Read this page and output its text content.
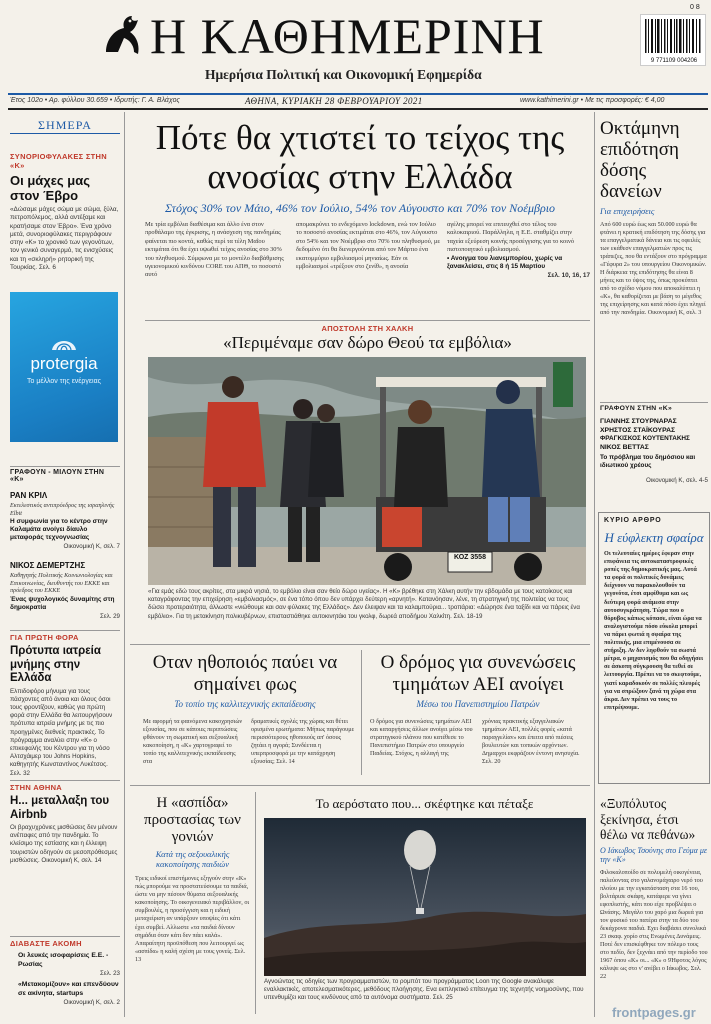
Η ΚΑΘΗΜΕΡΙΝΗ
Ημερήσια Πολιτική και Οικονομική Εφημερίδα
9 771109 004206
0 8
Έτος 102ο • Αρ. φύλλου 30.659 • Ιδρυτής: Γ. Α. Βλάχος	ΑΘΗΝΑ, ΚΥΡΙΑΚΗ 28 ΦΕΒΡΟΥΑΡΙΟΥ 2021	www.kathimerini.gr • Με τις προσφορές: € 4,00
ΣΗΜΕΡΑ
ΣΥΝΟΡΙΟΦΥΛΑΚΕΣ ΣΤΗΝ «Κ»
Οι μάχες μας στον Έβρο
«Δώσαμε μάχες σώμα με σώμα, ξύλα, πετροπόλεμος, αλλά αντέξαμε και κρατήσαμε στον Έβρο». Ένα χρόνο μετά, συνοριοφύλακες περιγράφουν στην «Κ» το χρονικό των γεγονότων, τον γενικό συναγερμό, τις ενισχύσεις και τη «σκληρή» ρητορική της Τουρκίας. Σελ. 6
protergia
Το μέλλον της ενέργειας
ΓΡΑΦΟΥΝ - ΜΙΛΟΥΝ ΣΤΗΝ «Κ»
ΡΑΝ ΚΡΙΛ
Εκτελεστικός αντιπρόεδρος της ισραηλινής Elbit
Η συμφωνία για το κέντρο στην Καλαμάτα ανοίγει δίαυλο μεταφοράς τεχνογνωσίας
Οικονομική Κ, σελ. 7
ΝΙΚΟΣ ΔΕΜΕΡΤΖΗΣ
Καθηγητής Πολιτικής Κοινωνιολογίας και Επικοινωνίας, διευθυντής του ΕΚΚΕ και πρόεδρος του ΕΚΚΕ
Ένας ψυχολογικός δυναμίτης στη δημοκρατία
Σελ. 29
ΓΙΑ ΠΡΩΤΗ ΦΟΡΑ
Πρότυπα ιατρεία μνήμης στην Ελλάδα
Ελπιδοφόρο μήνυμα για τους πάσχοντες από άνοια και όλους όσοι τους φροντίζουν, καθώς για πρώτη φορά στην Ελλάδα θα λειτουργήσουν πρότυπα ιατρεία μνήμης με τις πιο προηγμένες διεθνείς πρακτικές. Το πρόγραμμα αναλύει στην «Κ» ο επικεφαλής του Κέντρου για τη νόσο Αλτσχάιμερ του Johns Hopkins, καθηγητής Κωνσταντίνος Λυκέτσος. Σελ. 32
ΣΤΗΝ ΑΘΗΝΑ
Η... μεταλλαξη του Airbnb
Οι βραχυχρόνιες μισθώσεις δεν μένουν ανέπαφες από την πανδημία. Το κλείσιμο της εστίασης και η έλλειψη τουριστών οδηγούν σε μεσοπρόθεσμες μισθώσεις. Οικονομική Κ, σελ. 14
ΔΙΑΒΑΣΤΕ ΑΚΟΜΗ
Οι λευκές ισοφαρίσεις Ε.Ε. - Ρωσίας
Σελ. 23
«Μετακομίζουν» και επενδύουν σε ακίνητα, startups
Οικονομική Κ, σελ. 2
Πότε θα χτιστεί το τείχος της ανοσίας στην Ελλάδα
Στόχος 30% τον Μάιο, 46% τον Ιούλιο, 54% τον Αύγουστο και 70% τον Νοέμβριο
Με τρία εμβόλια διαθέσιμα και άλλο ένα στον προθάλαμο της έγκρισης, η ανάσχεση της πανδημίας φαίνεται πιο κοντά, καθώς περί τα τέλη Μαΐου εκτιμάται ότι θα έχει υψωθεί τείχος ανοσίας στο 30% του πληθυσμού. Σύμφωνα με το μοντέλο διαβάθμισης υγειονομικού κινδύνου CORE του ΑΠΘ, το ποσοστό αυτό
απομακρύνει το ενδεχόμενο lockdown, ενώ τον Ιούλιο το ποσοστό ανοσίας εκτιμάται στο 46%, τον Αύγουστο στο 54% και τον Νοέμβριο στο 70% του πληθυσμού, με δεδομένο ότι θα διενεργούνται από τον Μάρτιο ένα εκατομμύριο εμβολιασμοί μηνιαίως. Εάν οι εμβολιασμοί «τρέξουν στο ζενίθ», η ανοσία
αγέλης μπορεί να επιτευχθεί στο τέλος του καλοκαιριού. Παράλληλα, η Ε.Ε. σταθμίζει στην ταχεία εξεύρεση κοινής προσέγγισης για το κοινό πιστοποιητικό εμβολιασμού.
• Ανοιγμα του λιανεμπορίου, χωρίς να ξανακλείσει, στις 8 ή 15 Μαρτίου
Σελ. 10, 16, 17
ΑΠΟΣΤΟΛΗ ΣΤΗ ΧΑΛΚΗ
«Περιμέναμε σαν δώρο Θεού τα εμβόλια»
ΚΟΖ 3558
«Για εμάς εδώ τους ακρίτες, στα μικρά νησιά, το εμβόλιο είναι σαν θείο δώρο υγείας». Η «Κ» βρέθηκε στη Χάλκη αυτήν την εβδομάδα με τους κατοίκους και καταγράφοντας την επιχείρηση «εμβολιασμός», σε ένα τόπο όπου δεν υπάρχει δεύτερη «αρνητή». Κατανόησαν, λένε, τη στρατηγική της πολιτείας να τους δώσει προτεραιότητα, άλλωστε «νιώθουμε και σαν φύλακες της Ελλάδας». Δεν έλειψαν και τα καλαμπούρια... τροπάρια: «Δώρησε ένα ταξίδι και να πάρεις ένα εμβόλιο». Για τη μετακίνηση πολικυβέρνων, επισταστιάθηκε αυτοκινητάκι του γκολφ, δωρεά αποδήμου Χαλκίτη. Σελ. 18-19
Οταν ηθοποιός παύει να σημαίνει φως
Το τοπίο της καλλιτεχνικής εκπαίδευσης
Με αφορμή τα φαινόμενα κακοχρησιών εξουσίας, που σε κάποιες περιπτώσεις φθάνουν τη σωματική και σεξουαλική κακοποίηση, η «Κ» χαρτογραφεί το τοπίο της καλλιτεχνικής εκπαίδευσης στα
δραματικές σχολές της χώρας και θέτει ορισμένα ερωτήματα: Μήπως παράγουμε περισσότερους ηθοποιούς απ' όσους ζητάει η αγορά; Συνδέεται η υπερπροσφορά με την κατάχρηση εξουσίας; Σελ. 14
Ο δρόμος για συνενώσεις τμημάτων ΑΕΙ ανοίγει
Μέσω του Πανεπιστημίου Πατρών
Ο δρόμος για συνενώσεις τμημάτων ΑΕΙ και καταργήσεις άλλων ανοίγει μέσω του στρατηγικού πλάνου που κατέθεσε το Πανεπιστήμιο Πατρών στο υπουργείο Παιδείας. Στόχος, η αλλαγή της
χρόνιας πρακτικής εξαγγελιακών τμημάτων ΑΕΙ, πολλές φορές «κατά παραγγελίαν» και έπειτα από πιέσεις βουλευτών και τοπικών αρχόντων. Δημαρχοι εκφράζουν έντονη ανησυχία. Σελ. 20
Η «ασπίδα» προστασίας των γονιών
Κατά της σεξουαλικής κακοποίησης παιδιών
Τρεις ειδικοί επιστήμονες εξηγούν στην «Κ» πώς μπορούμε να προστατεύσουμε τα παιδιά, ώστε να μην πέσουν θύματα σεξουαλικής κακοποίησης. Το οικογενειακό περιβάλλον, οι συμβουλές, η προσέγγιση και η ειδική μεταχείριση αν υπάρξουν υποψίες ότι κάτι έχει συμβεί. Αλλωστε «τα παιδιά δίνουν σημάδια όταν κάτι δεν πάει καλά». Απαραίτητη προϋπόθεση που λειτουργεί ως «ασπίδα» η καλή σχέση με τους γονείς. Σελ. 13
Το αερόστατο που... σκέφτηκε και πέταξε
Αγνοώντας τις οδηγίες των προγραμματιστών, το ρομπότ του προγράμματος Loon της Google ανακάλυψε εναλλακτικές, αποτελεσματικότερες, μεθόδους πλοήγησης. Ενα εκπληκτικό επίτευγμα της τεχνητής νοημοσύνης, που υπενθυμίζει και τους κινδύνους από τα αυτόνομα συστήματα. Σελ. 25
Οκτάμηνη επιδότηση δόσης δανείων
Για επιχειρήσεις
Από 600 ευρώ έως και 50.000 ευρώ θα φτάνει η κρατική επιδότηση της δόσης για τα επαγγελματικά δάνεια και τις οφειλές των εκάθεσν επαγγελματιών προς τις τράπεζες, που θα εντάξουν στο πρόγραμμα «Γέφυρα 2» του υπουργείου Οικονομικών. Η διάρκεια της επιδότησης θα είναι 8 μήνες και το ύψος της, όπως προκύπτει από το σχέδιο νόμου που αποκαλύπτει η «Κ», θα καθορίζεται με βάση το μέγεθος της επιχείρησης και κατά πόσο έχει πληγεί από την πανδημία. Οικονομική Κ, σελ. 3
ΓΡΑΦΟΥΝ ΣΤΗΝ «Κ»
ΓΙΑΝΝΗΣ ΣΤΟΥΡΝΑΡΑΣ
ΧΡΗΣΤΟΣ ΣΤΑΪΚΟΥΡΑΣ
ΦΡΑΓΚΙΣΚΟΣ ΚΟΥΤΕΝΤΑΚΗΣ
ΝΙΚΟΣ ΒΕΤΤΑΣ
Το πρόβλημα του δημόσιου και ιδιωτικού χρέους
Οικονομική Κ, σελ. 4-5
ΚΥΡΙΟ ΑΡΘΡΟ
Η εύφλεκτη σφαίρα
Οι τελευταίες ημέρες έφεραν στην επιφάνεια τις αυτοκαταστροφικές ροπές της δημοκρατικής μας. Αυτά τα φορά οι πολιτικές δυνάμεις δείχνουν να παρακολουθούν τα γεγονότα, έτσι αμφίθυμα και ως δεύτερη φορά ανάμεσα στην αυτοσυγκράτηση. Τώρα που ο θόρυβος κάπως κόπασε, είναι ώρα να αναλογιστούμε πόσο εύκολα μπορεί να πάρει φωτιά η σφαίρα της πολιτικής, μια επιμένουσα σε στήριξη. Αν δεν ληφθούν τα σωστά μέτρα, ο μηχανισμός που θα οδηγήσει σε άσκοπη σύγκρουση θα τεθεί σε λειτουργία. Πρέπει να το σκεφτούμε, γιατί καραδοκούν σε πολλές πλευρές για να σπρώξουν ξανά τη χώρα στα άκρα. Δεν πρέπει να τους το επιτρέψουμε.
«Ξυπόλυτος ξεκίνησα, έτσι θέλω να πεθάνω»
Ο Ιάκωβος Τσούνης στο Γεύμα με την «Κ»
Φιλοκαλοποίδο σε πολυμελή οικογένεια, παλεύοντας στο γαλανομάχαιρο νερό του πλοίου με την εγκατάσταση στα 16 του, βολτάρισε σκάφη, κατάφερε να γίνει εφοπλιστής, κάτι που είχε προβλέψει ο Ωνάσης. Μεγάλο του χαρό μια δωρεά για τον φυσικό του πατέρα στην τα δύο του δεκάχρονα παιδιά. Εχει διαβάσει συνολικά 23 σκαφ. χορίο στις Ενωμένες Δυνάμεις. Ποτέ δεν επισκέφθηκε τον πόλεμο τους στο πεδίο, δεν ξεχνάει από την περίοδο του 1967 όπου «Κ» οι... «Κ» ο 9Ήφοτος λόγος κάλυψε ως στο ν' ανέβει ο Ιάκωβος. Σελ. 22
frontpages.gr
